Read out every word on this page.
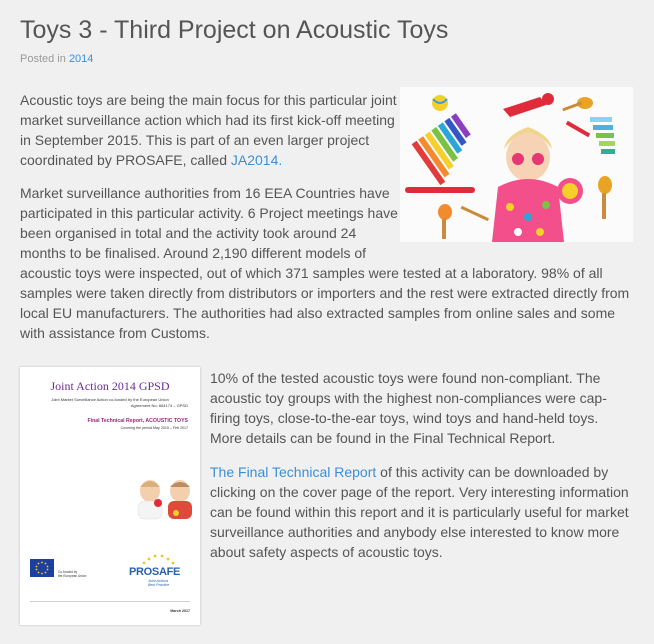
Toys 3 - Third Project on Acoustic Toys
Posted in 2014
Acoustic toys are being the main focus for this particular joint
market surveillance action which had its first kick-off meeting
in September 2015. This is part of an even larger project
coordinated by PROSAFE, called JA2014.
Market surveillance authorities from 16 EEA Countries have
participated in this particular activity. 6 Project meetings have
been organised in total and the activity took around 24
months to be finalised. Around 2,190 different models of
acoustic toys were inspected, out of which 371 samples were tested at a laboratory. 98% of all
samples were taken directly from distributors or importers and the rest were extracted directly from
local EU manufacturers. The authorities had also extracted samples from online sales and some
with assistance from Customs.
Joint Action 2014 GPSD
Joint Market Surveillance Action co-funded by the European Union
Agreement No: 664174 – GPSD
Final Technical Report, ACOUSTIC TOYS
Covering the period May 2015 – Feb 2017
Co-funded by
the European Union	PROSAFE
Joint Actions
Best Practice
March 2017
10% of the tested acoustic toys were found non-compliant. The
acoustic toy groups with the highest non-compliances were cap-
firing toys, close-to-the-ear toys, wind toys and hand-held toys.
More details can be found in the Final Technical Report.
The Final Technical Report of this activity can be downloaded by
clicking on the cover page of the report. Very interesting information
can be found within this report and it is particularly useful for market
surveillance authorities and anybody else interested to know more
about safety aspects of acoustic toys.
